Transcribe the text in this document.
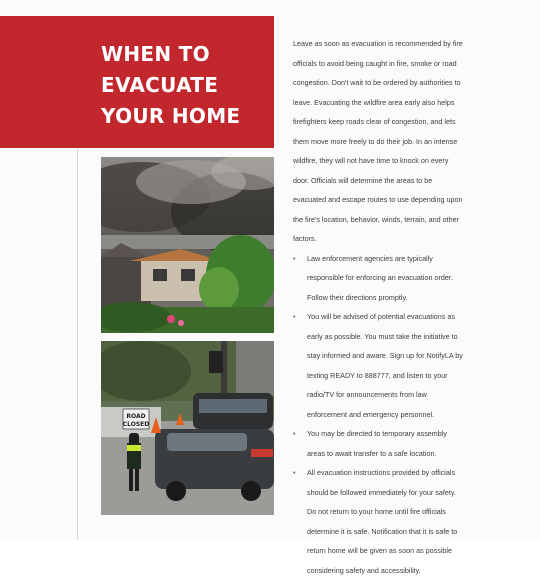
WHEN TO
EVACUATE
YOUR HOME
ROAD
CLOSED

Leave as soon as evacuation is recommended by fire officials to avoid being caught in fire, smoke or road congestion. Don't wait to be ordered by authorities to leave. Evacuating the wildfire area early also helps firefighters keep roads clear of congestion, and lets them move more freely to do their job. In an intense wildfire, they will not have time to knock on every door. Officials will determine the areas to be evacuated and escape routes to use depending upon the fire's location, behavior, winds, terrain, and other factors.

• Law enforcement agencies are typically responsible for enforcing an evacuation order. Follow their directions promptly.
• You will be advised of potential evacuations as early as possible. You must take the initiative to stay informed and aware. Sign up for NotifyLA by texting READY to 888777, and listen to your radio/TV for announcements from law enforcement and emergency personnel.
• You may be directed to temporary assembly areas to await transfer to a safe location.
• All evacuation instructions provided by officials should be followed immediately for your safety. Do not return to your home until fire officials determine it is safe. Notification that it is safe to return home will be given as soon as possible considering safety and accessibility.
